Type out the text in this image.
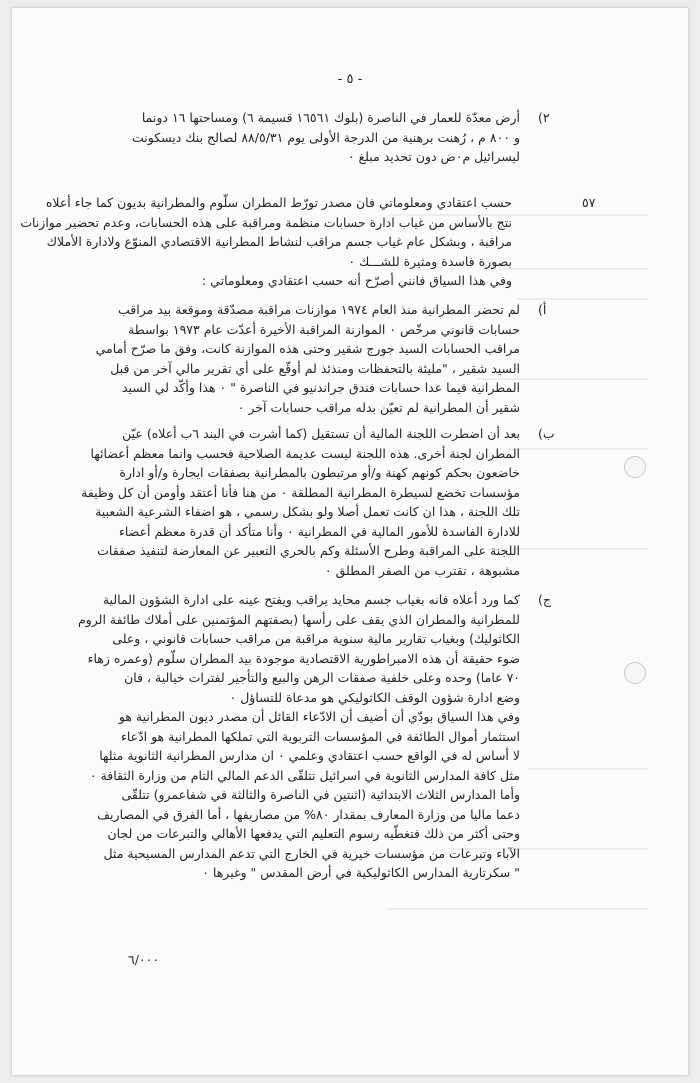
- ٥ -
٢)
أرض معدّة للعمار في الناصرة (بلوك ١٦٥٦١ قسيمة ٦) ومساحتها ١٦ دونما
و ٨٠٠ م ، رُهنت برهنية من الدرجة الأولى يوم ٨٨/٥/٣١ لصالح بنك ديسكونت
ليسرائيل م٠ض دون تحديد مبلغ ٠
٥٧
حسب اعتقادي ومعلوماتي فان مصدر تورّط المطران سلّوم والمطرانية بديون كما جاء أعلاه
نتج بالأساس من غياب ادارة حسابات منظمة ومراقبة على هذه الحسابات، وعدم تحضير موازنات
مراقبة ، وبشكل عام غياب جسم مراقب لنشاط المطرانية الاقتصادي المنوّع ولادارة الأملاك
بصورة فاسدة ومثيرة للشـــك ٠
وفي هذا السياق فانني أصرّح أنه حسب اعتقادي ومعلوماتي :
أ)
لم تحضر المطرانية منذ العام ١٩٧٤ موازنات مراقبة مصدّقة وموقعة بيد مراقب
حسابات قانوني مرخّص ٠ الموازنة المراقبة الأخيرة أعدّت عام ١٩٧٣ بواسطة
مراقب الحسابات السيد جورج شقير وحتى هذه الموازنة كانت، وفق ما صرّح أمامي
السيد شقير ، "مليئة بالتحفظات ومنذئذ لم أوقّع على أي تقرير مالي آخر من قبل
المطرانية فيما عدا حسابات فندق جراندنيو في الناصرة " ٠ هذا وأكّد لي السيد
شقير أن المطرانية لم تعيّن بدله مراقب حسابات آخر ٠
ب)
بعد أن اضطرت اللجنة المالية أن تستقيل (كما أشرت في البند ٦ب أعلاه) عيّن
المطران لجنة أخرى. هذه اللجنة ليست عديمة الصلاحية فحسب وانما معظم أعضائها
خاضعون بحكم كونهم كهنة و/أو مرتبطون بالمطرانية بصفقات ايجارة و/أو ادارة
مؤسسات تخضع لسيطرة المطرانية المطلقة ٠ من هنا فأنا أعتقد وأومن أن كل وظيفة
تلك اللجنة ، هذا ان كانت تعمل أصلا ولو بشكل رسمي ، هو اضفاء الشرعية الشعبية
للادارة الفاسدة للأمور المالية في المطرانية ٠ وأنا متأكد أن قدرة معظم أعضاء
اللجنة على المراقبة وطرح الأسئلة وكم بالحري التعبير عن المعارضة لتنفيذ صفقات
مشبوهة ، تقترب من الصفر المطلق ٠
ج)
كما ورد أعلاه فانه بغياب جسم محايد يراقب ويفتح عينه على ادارة الشؤون المالية
للمطرانية والمطران الذي يقف على رأسها (بصفتهم المؤتمنين على أملاك طائفة الروم
الكاثوليك) وبغياب تقارير مالية سنوية مراقبة من مراقب حسابات قانوني ، وعلى
ضوء حقيقة أن هذه الامبراطورية الاقتصادية موجودة بيد المطران سلّوم (وعمره زهاء
٧٠ عاما) وحده وعلى خلفية صفقات الرهن والبيع والتأجير لفترات خيالية ، فان
وضع ادارة شؤون الوقف الكاثوليكي هو مدعاة للتساؤل ٠
وفي هذا السياق بودّي أن أضيف أن الادّعاء القائل أن مصدر ديون المطرانية هو
استثمار أموال الطائفة في المؤسسات التربوية التي تملكها المطرانية هو ادّعاء
لا أساس له في الواقع حسب اعتقادي وعلمي ٠ ان مدارس المطرانية الثانوية مثلها
مثل كافة المدارس الثانوية في اسرائيل تتلقّى الدعم المالي التام من وزارة الثقافة ٠
وأما المدارس الثلاث الابتدائية (اثنتين في الناصرة والثالثة في شفاعمرو) تتلقّى
دعما ماليا من وزارة المعارف بمقدار ٨٠% من مصاريفها ، أما الفرق في المصاريف
وحتى أكثر من ذلك فتغطّيه رسوم التعليم التي يدفعها الأهالي والتبرعات من لجان
الآباء وتبرعات من مؤسسات خيرية في الخارج التي تدعم المدارس المسيحية مثل
" سكرتارية المدارس الكاثوليكية في أرض المقدس " وغيرها ٠
٦/٠٠٠
